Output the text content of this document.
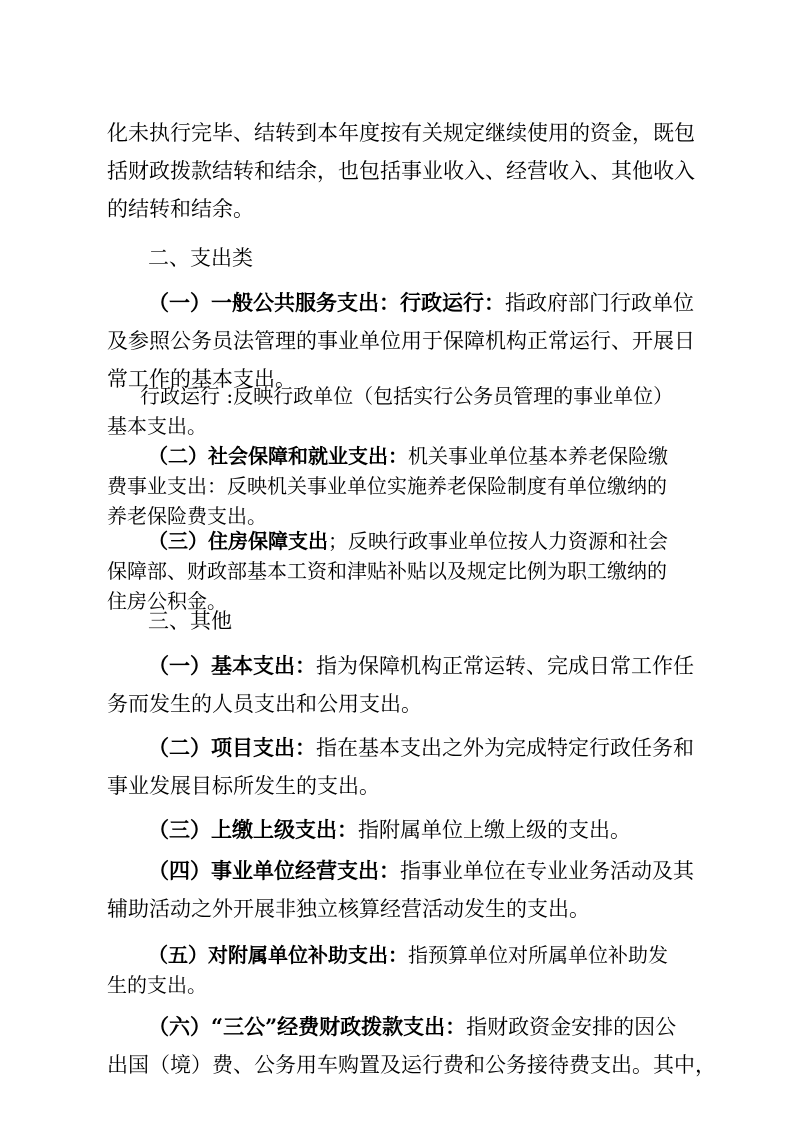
化未执行完毕、结转到本年度按有关规定继续使用的资金，既包
括财政拨款结转和结余，也包括事业收入、经营收入、其他收入
的结转和结余。
二、支出类
（一）一般公共服务支出：行政运行：指政府部门行政单位
及参照公务员法管理的事业单位用于保障机构正常运行、开展日
常工作的基本支出。
行政运行 :反映行政单位（包括实行公务员管理的事业单位）
基本支出。
（二）社会保障和就业支出：机关事业单位基本养老保险缴
费事业支出：反映机关事业单位实施养老保险制度有单位缴纳的
养老保险费支出。
（三）住房保障支出；反映行政事业单位按人力资源和社会
保障部、财政部基本工资和津贴补贴以及规定比例为职工缴纳的
住房公积金。
三、其他
（一）基本支出：指为保障机构正常运转、完成日常工作任
务而发生的人员支出和公用支出。
（二）项目支出：指在基本支出之外为完成特定行政任务和
事业发展目标所发生的支出。
（三）上缴上级支出：指附属单位上缴上级的支出。
（四）事业单位经营支出：指事业单位在专业业务活动及其
辅助活动之外开展非独立核算经营活动发生的支出。
（五）对附属单位补助支出：指预算单位对所属单位补助发
生的支出。
（六）“三公”经费财政拨款支出：指财政资金安排的因公
出国（境）费、公务用车购置及运行费和公务接待费支出。其中，
